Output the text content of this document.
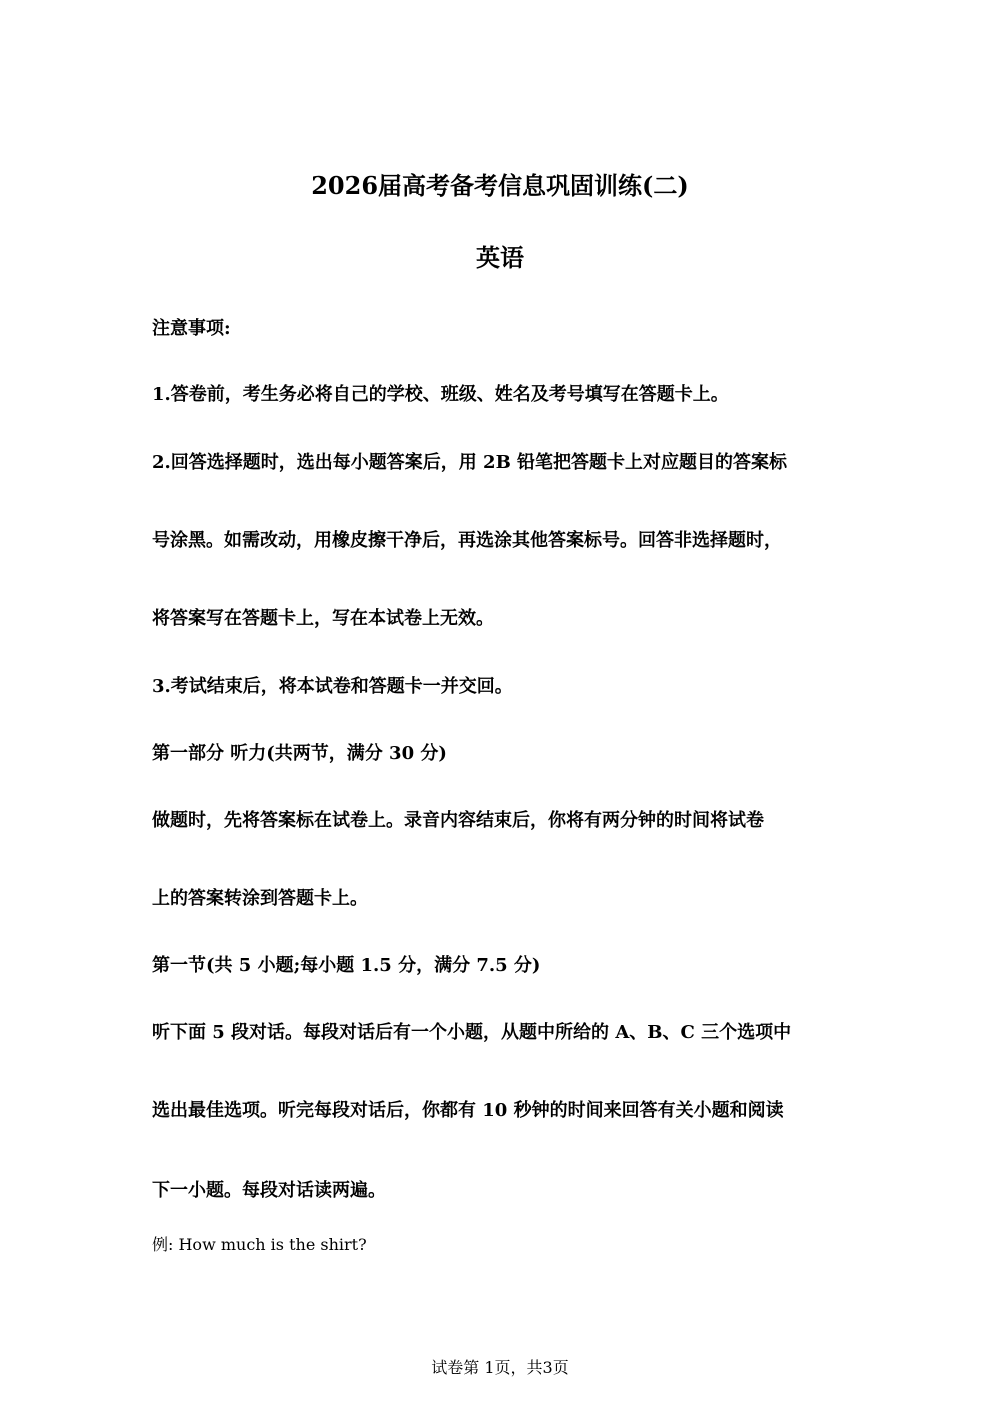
2026届高考备考信息巩固训练(二)
英语
注意事项:
1.答卷前，考生务必将自己的学校、班级、姓名及考号填写在答题卡上。
2.回答选择题时，选出每小题答案后，用 2B 铅笔把答题卡上对应题目的答案标
号涂黑。如需改动，用橡皮擦干净后，再选涂其他答案标号。回答非选择题时，
将答案写在答题卡上，写在本试卷上无效。
3.考试结束后，将本试卷和答题卡一并交回。
第一部分 听力(共两节，满分 30 分)
做题时，先将答案标在试卷上。录音内容结束后，你将有两分钟的时间将试卷
上的答案转涂到答题卡上。
第一节(共 5 小题;每小题 1.5 分，满分 7.5 分)
听下面 5 段对话。每段对话后有一个小题，从题中所给的 A、B、C 三个选项中
选出最佳选项。听完每段对话后，你都有 10 秒钟的时间来回答有关小题和阅读
下一小题。每段对话读两遍。
例: How much is the shirt?
试卷第 1页，共3页
